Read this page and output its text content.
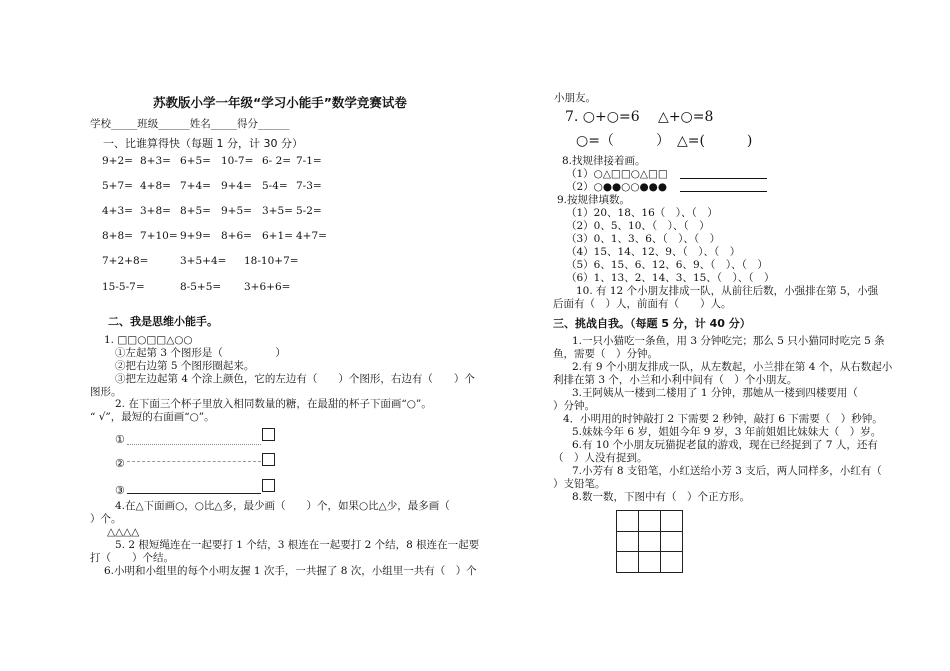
苏教版小学一年级“学习小能手”数学竞赛试卷
学校_____班级______姓名_____得分______
一、比谁算得快（每题 1 分，计 30 分）
9+2= 8+3= 6+5= 10-7= 6- 2= 7-1=
5+7= 4+8= 7+4= 9+4= 5-4= 7-3=
4+3= 3+8= 8+5= 9+5= 3+5= 5-2=
8+8= 7+10= 9+9= 8+6= 6+1= 4+7=
7+2+8=	3+5+4= 18-10+7=
15-5-7=	8-5+5= 3+6+6=
二、我是思维小能手。
1. □□○□□△○○
①左起第 3 个图形是（　　　　　）
②把右边第 5 个图形圈起来。
③把左边起第 4 个涂上颜色，它的左边有（　　）个图形，右边有（　　）个
图形。
2. 在下面三个杯子里放入相同数量的糖，在最甜的杯子下面画“○”。
“ √”，最短的右面画“○”。
①
②
③
4.在△下面画○，○比△多，最少画（　　）个，如果○比△少，最多画（
）个。
△△△△
5. 2 根短绳连在一起要打 1 个结，3 根连在一起要打 2 个结，8 根连在一起要
打（　　）个结。
6.小明和小组里的每个小明友握 1 次手，一共握了 8 次，小组里一共有（　）个
小朋友。
7. ○+○=6　 △+○=8
○=（　　　）　△=(　　　)
8.找规律接着画。
（1）○△□□○△□□
（2）○●●○○●●●
9.按规律填数。
（1）20、18、16（　）、（　）
（2）0、5、10、（　）、（　）
（3）0、1、3、6、（　）、（　）
（4）15、14、12、9、（　）、（　）
（5）6、15、6、12、6、9、（　）、（　）
（6）1、13、2、14、3、15、（　）、（　）
10. 有 12 个小朋友排成一队，从前往后数，小强排在第 5，小强
后面有（　）人，前面有（　　）人。
三、挑战自我。（每题 5 分，计 40 分）
1.一只小猫吃一条鱼，用 3 分钟吃完；那么 5 只小猫同时吃完 5 条
鱼，需要（　）分钟。
2.有 9 个小朋友排成一队，从左数起，小兰排在第 4 个，从右数起小
利排在第 3 个，小兰和小利中间有（　）个小朋友。
3.王阿姨从一楼到二楼用了 1 分钟，那她从一楼到四楼要用（
）分钟。
4．小明用的时钟敲打 2 下需要 2 秒钟，敲打 6 下需要（　）秒钟。
5.妹妹今年 6 岁，姐姐今年 9 岁，3 年前姐姐比妹妹大（　）岁。
6.有 10 个小朋友玩猫捉老鼠的游戏，现在已经捉到了 7 人，还有
（　）人没有捉到。
7.小芳有 8 支铅笔，小红送给小芳 3 支后，两人同样多，小红有（
）支铅笔。
8.数一数，下图中有（　）个正方形。
